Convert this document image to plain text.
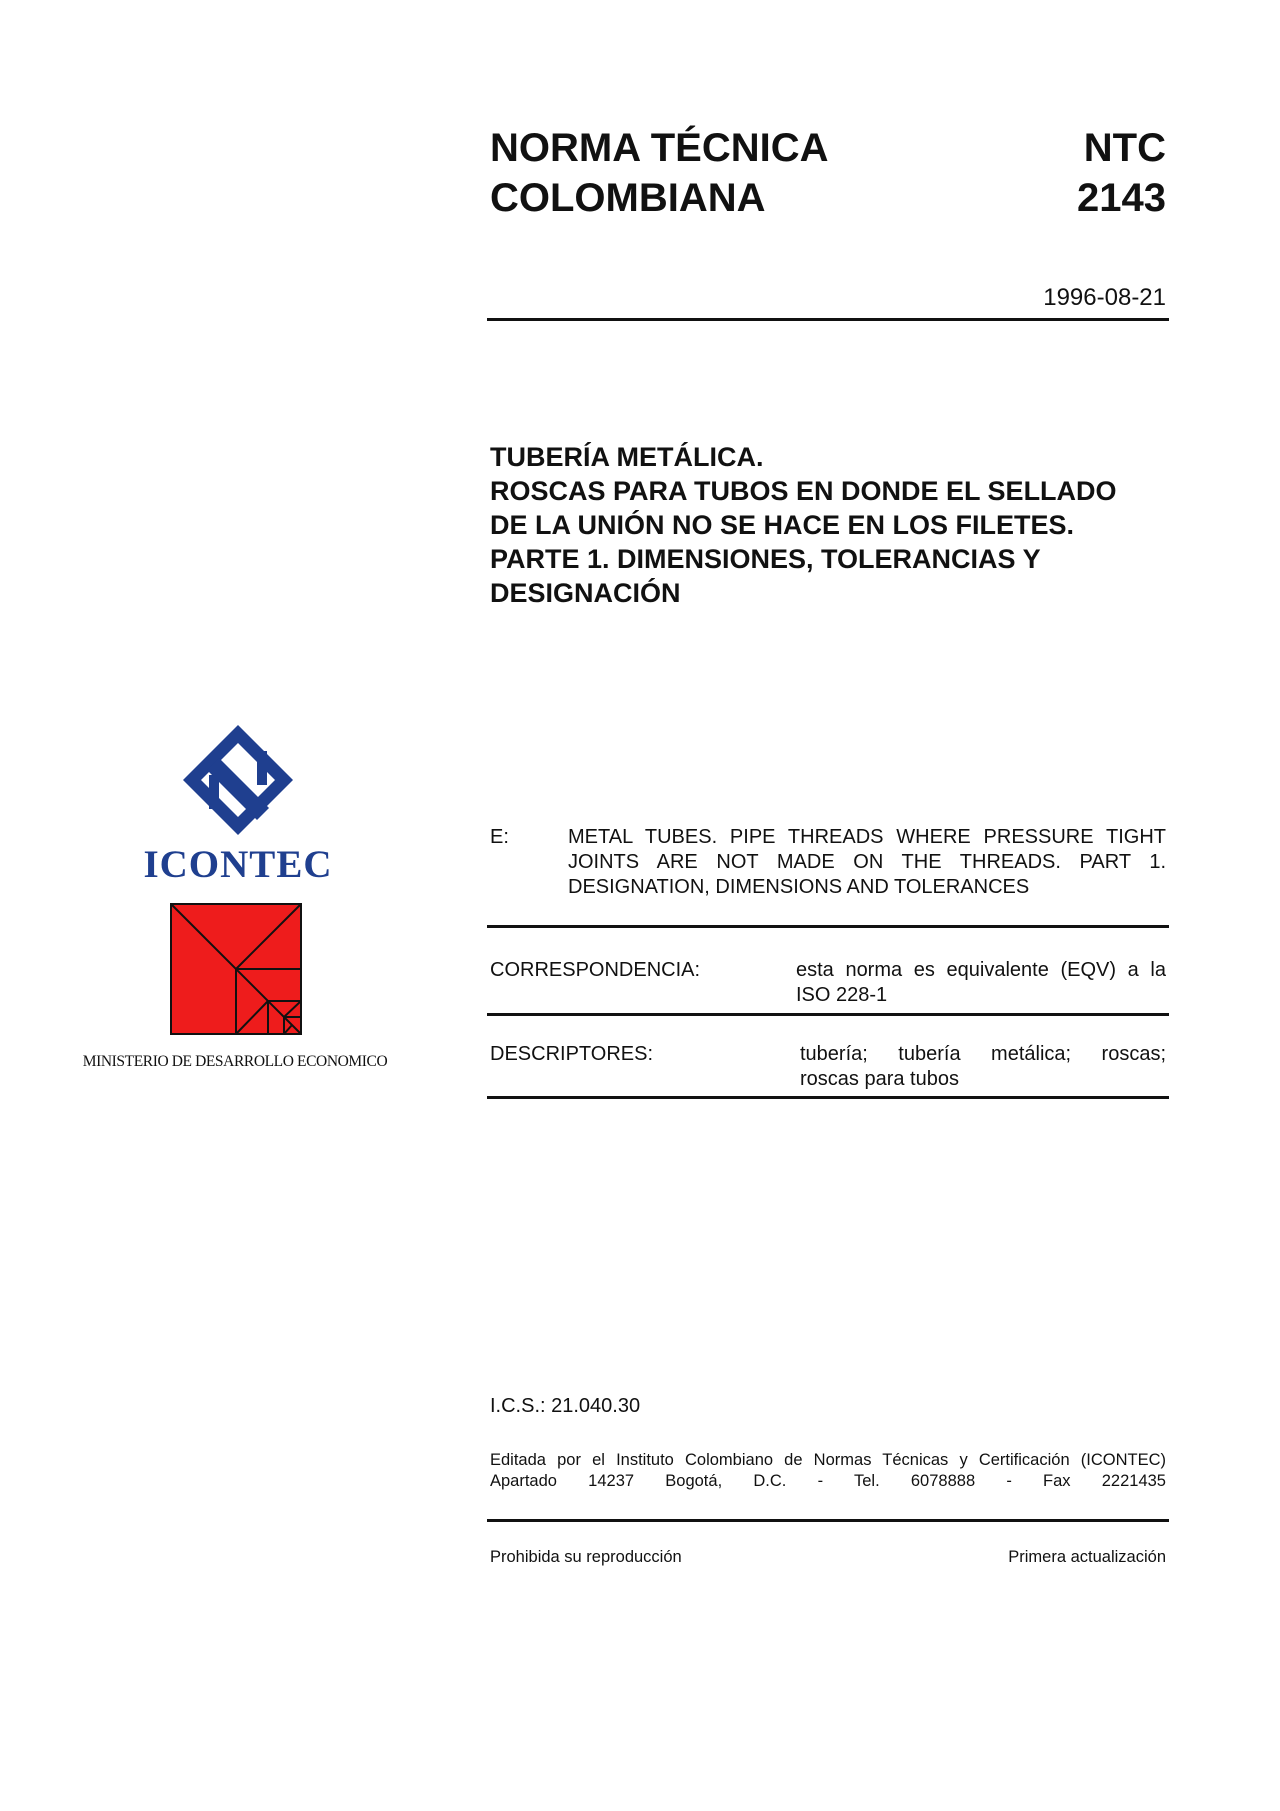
NORMA TÉCNICA
COLOMBIANA
NTC
2143
1996-08-21
TUBERÍA METÁLICA.
ROSCAS PARA TUBOS EN DONDE EL SELLADO
DE LA UNIÓN NO SE HACE EN LOS FILETES.
PARTE 1. DIMENSIONES, TOLERANCIAS Y
DESIGNACIÓN
ICONTEC
MINISTERIO DE DESARROLLO ECONOMICO
E:	METAL TUBES. PIPE THREADS WHERE PRESSURE TIGHT
JOINTS ARE NOT MADE ON THE THREADS. PART 1.
DESIGNATION, DIMENSIONS AND TOLERANCES
CORRESPONDENCIA:	esta norma es equivalente (EQV) a la
ISO 228-1
DESCRIPTORES:	tubería; tubería metálica; roscas;
roscas para tubos
I.C.S.: 21.040.30
Editada por el Instituto Colombiano de Normas Técnicas y Certificación (ICONTEC)
Apartado 14237 Bogotá, D.C. - Tel. 6078888 - Fax 2221435
Prohibida su reproducción	Primera actualización
